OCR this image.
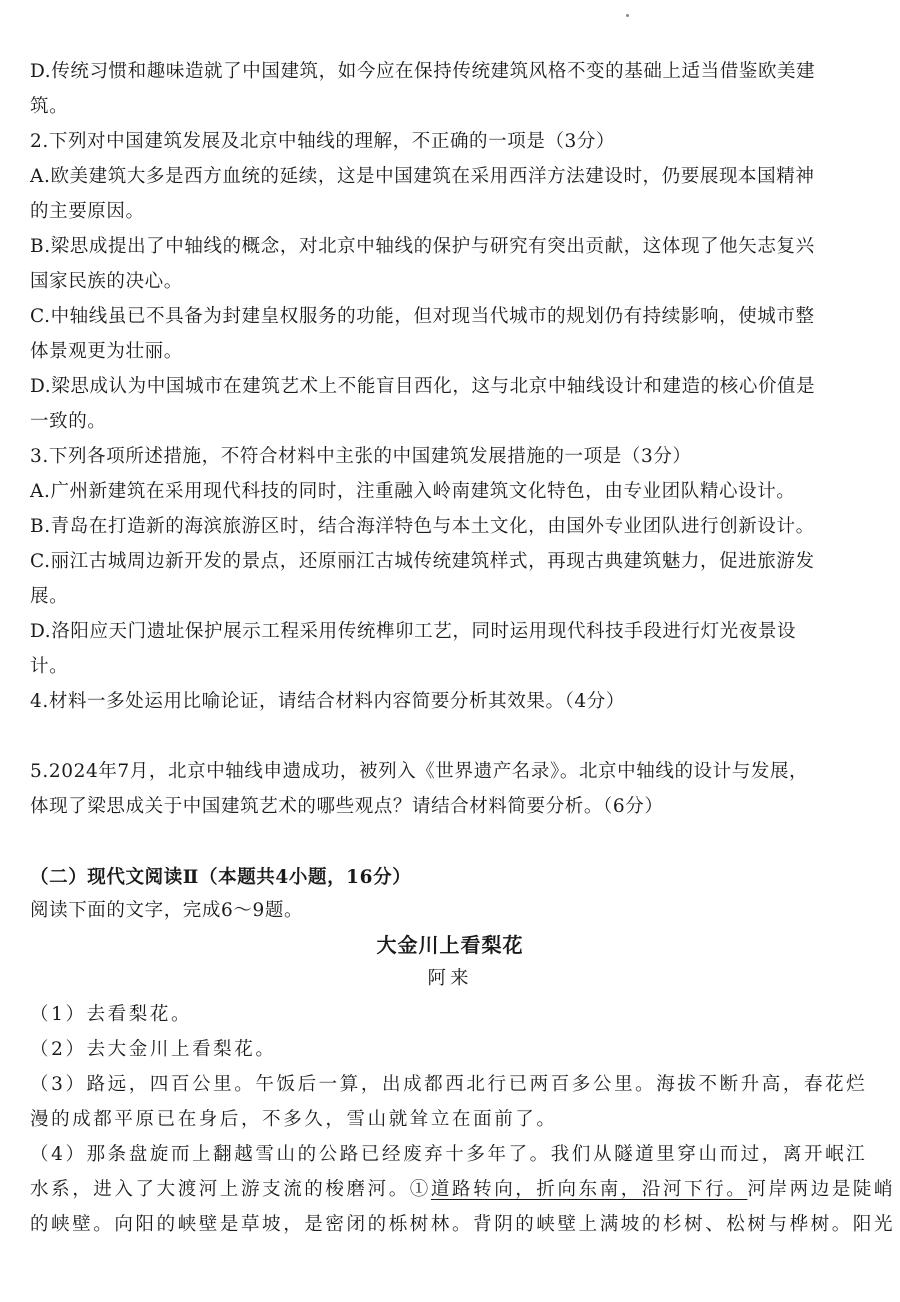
D.传统习惯和趣味造就了中国建筑，如今应在保持传统建筑风格不变的基础上适当借鉴欧美建
筑。
2.下列对中国建筑发展及北京中轴线的理解，不正确的一项是（3分）
A.欧美建筑大多是西方血统的延续，这是中国建筑在采用西洋方法建设时，仍要展现本国精神
的主要原因。
B.梁思成提出了中轴线的概念，对北京中轴线的保护与研究有突出贡献，这体现了他矢志复兴
国家民族的决心。
C.中轴线虽已不具备为封建皇权服务的功能，但对现当代城市的规划仍有持续影响，使城市整
体景观更为壮丽。
D.梁思成认为中国城市在建筑艺术上不能盲目西化，这与北京中轴线设计和建造的核心价值是
一致的。
3.下列各项所述措施，不符合材料中主张的中国建筑发展措施的一项是（3分）
A.广州新建筑在采用现代科技的同时，注重融入岭南建筑文化特色，由专业团队精心设计。
B.青岛在打造新的海滨旅游区时，结合海洋特色与本土文化，由国外专业团队进行创新设计。
C.丽江古城周边新开发的景点，还原丽江古城传统建筑样式，再现古典建筑魅力，促进旅游发
展。
D.洛阳应天门遗址保护展示工程采用传统榫卯工艺，同时运用现代科技手段进行灯光夜景设
计。
4.材料一多处运用比喻论证，请结合材料内容简要分析其效果。（4分）
5.2024年7月，北京中轴线申遗成功，被列入《世界遗产名录》。北京中轴线的设计与发展，
体现了梁思成关于中国建筑艺术的哪些观点？请结合材料简要分析。（6分）
（二）现代文阅读Ⅱ（本题共4小题，16分）
阅读下面的文字，完成6～9题。
大金川上看梨花
阿来
（1）去看梨花。
（2）去大金川上看梨花。
（3）路远，四百公里。午饭后一算，出成都西北行已两百多公里。海拔不断升高，春花烂
漫的成都平原已在身后，不多久，雪山就耸立在面前了。
（4）那条盘旋而上翻越雪山的公路已经废弃十多年了。我们从隧道里穿山而过，离开岷江
水系，进入了大渡河上游支流的梭磨河。①道路转向，折向东南，沿河下行。河岸两边是陡峭
的峡壁。向阳的峡壁是草坡，是密闭的栎树林。背阴的峡壁上满坡的杉树、松树与桦树。阳光
